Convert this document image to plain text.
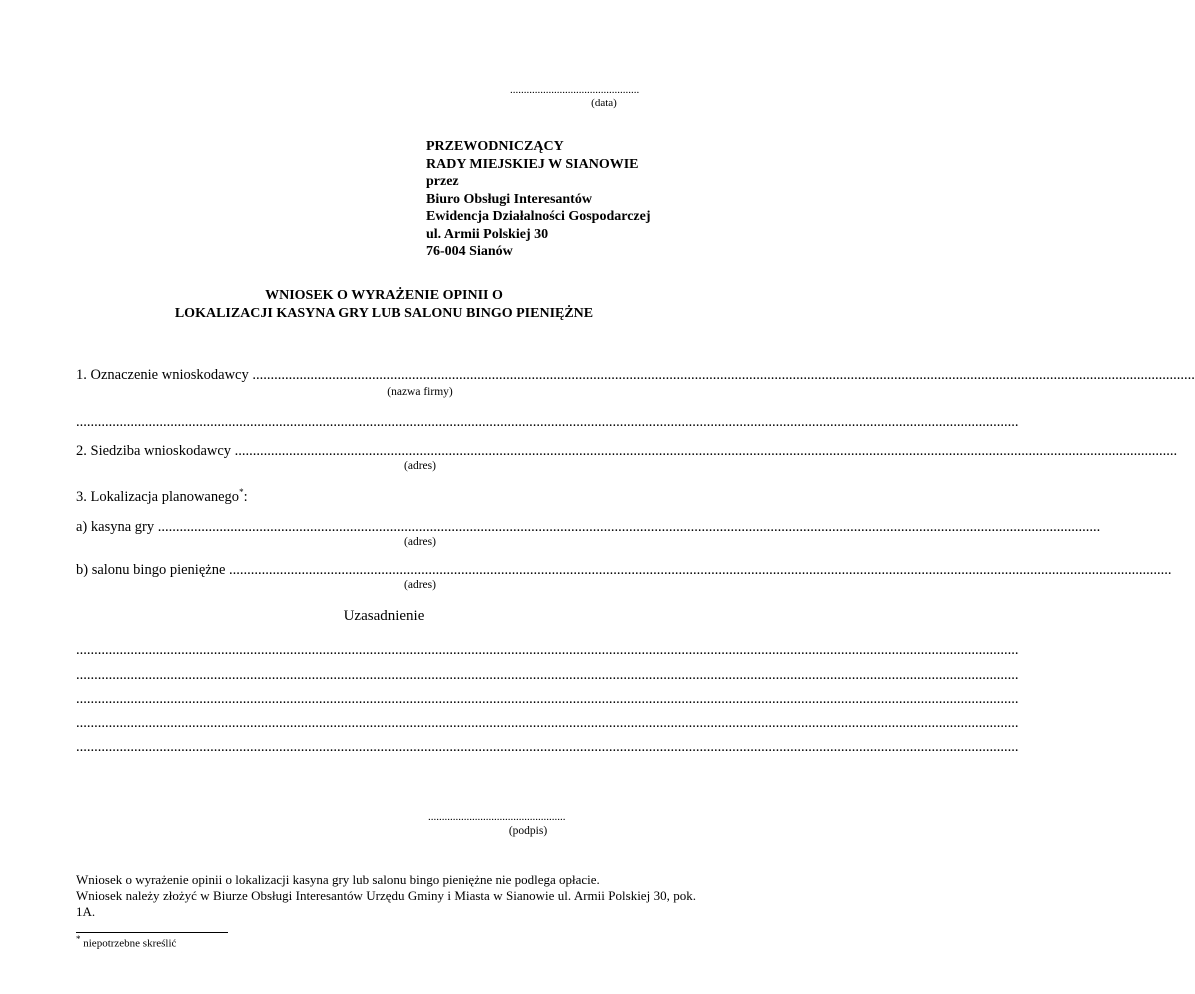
...............................................
(data)
PRZEWODNICZĄCY
RADY MIEJSKIEJ W SIANOWIE
przez
Biuro Obsługi Interesantów
Ewidencja Działalności Gospodarczej
ul. Armii Polskiej 30
76-004 Sianów
WNIOSEK O WYRAŻENIE OPINII O
LOKALIZACJI KASYNA GRY LUB SALONU BINGO PIENIĘŻNE
1. Oznaczenie wnioskodawcy ....................................................................................................................................................................................................................................................................
(nazwa firmy)
....................................................................................................................................................................................................................................................................
2. Siedziba wnioskodawcy ....................................................................................................................................................................................................................................................................
(adres)
3. Lokalizacja planowanego*:
a) kasyna gry ....................................................................................................................................................................................................................................................................
(adres)
b) salonu bingo pieniężne ....................................................................................................................................................................................................................................................................
(adres)
Uzasadnienie
....................................................................................................................................................................................................................................................................
....................................................................................................................................................................................................................................................................
....................................................................................................................................................................................................................................................................
....................................................................................................................................................................................................................................................................
....................................................................................................................................................................................................................................................................
..................................................
(podpis)
Wniosek o wyrażenie opinii o lokalizacji kasyna gry lub salonu bingo pieniężne nie podlega opłacie.
Wniosek należy złożyć w Biurze Obsługi Interesantów Urzędu Gminy i Miasta w Sianowie ul. Armii Polskiej 30, pok. 1A.
* niepotrzebne skreślić
